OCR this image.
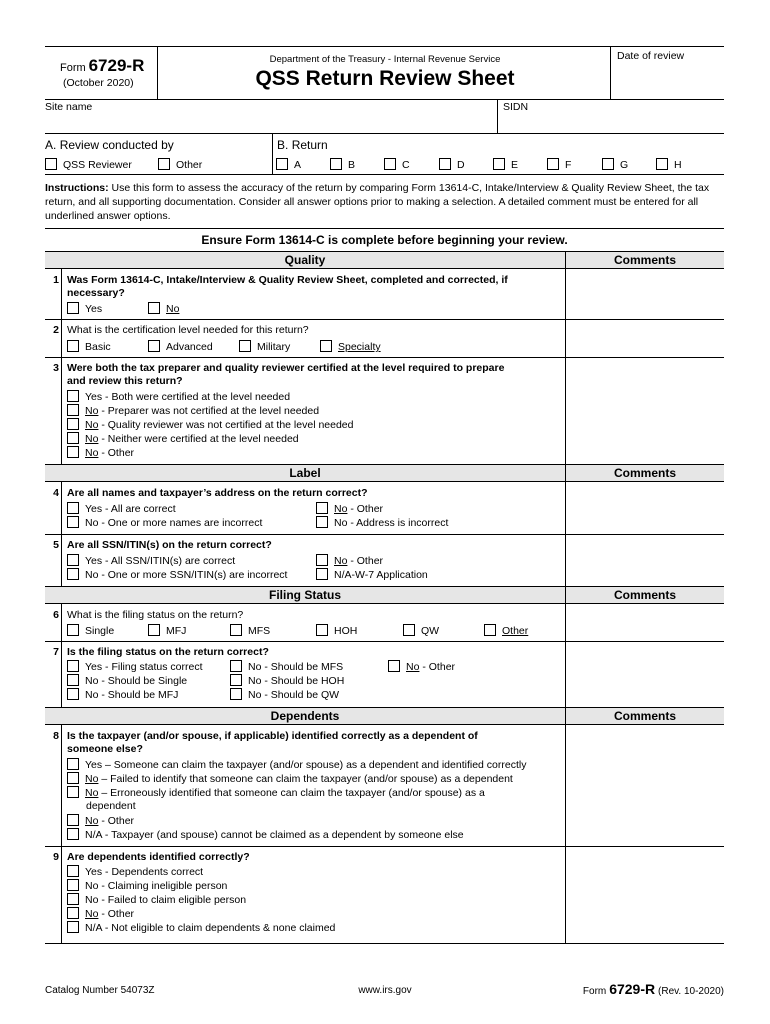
Form 6729-R
(October 2020)
Department of the Treasury - Internal Revenue Service
QSS Return Review Sheet
Date of review
Site name	SIDN
A. Review conducted by
QSS Reviewer	Other
B. Return
A	B	C	D	E	F	G	H
Instructions: Use this form to assess the accuracy of the return by comparing Form 13614-C, Intake/Interview & Quality Review Sheet, the tax return, and all supporting documentation. Consider all answer options prior to making a selection. A detailed comment must be entered for all underlined answer options.
Ensure Form 13614-C is complete before beginning your review.
Quality	Comments
1 Was Form 13614-C, Intake/Interview & Quality Review Sheet, completed and corrected, if
necessary?
Yes	No
2 What is the certification level needed for this return?
Basic	Advanced	Military	Specialty
3 Were both the tax preparer and quality reviewer certified at the level required to prepare
and review this return?
Yes - Both were certified at the level needed
No - Preparer was not certified at the level needed
No - Quality reviewer was not certified at the level needed
No - Neither were certified at the level needed
No - Other
Label	Comments
4 Are all names and taxpayer’s address on the return correct?
Yes - All are correct
No - One or more names are incorrect
No - Other
No - Address is incorrect
5 Are all SSN/ITIN(s) on the return correct?
Yes - All SSN/ITIN(s) are correct
No - One or more SSN/ITIN(s) are incorrect
No - Other
N/A-W-7 Application
Filing Status	Comments
6 What is the filing status on the return?
Single	MFJ	MFS	HOH	QW	Other
7 Is the filing status on the return correct?
Yes - Filing status correct
No - Should be Single
No - Should be MFJ
No - Should be MFS
No - Should be HOH
No - Should be QW
No - Other
Dependents	Comments
8 Is the taxpayer (and/or spouse, if applicable) identified correctly as a dependent of
someone else?
Yes – Someone can claim the taxpayer (and/or spouse) as a dependent and identified correctly
No – Failed to identify that someone can claim the taxpayer (and/or spouse) as a dependent
No – Erroneously identified that someone can claim the taxpayer (and/or spouse) as a
dependent
No - Other
N/A - Taxpayer (and spouse) cannot be claimed as a dependent by someone else
9 Are dependents identified correctly?
Yes - Dependents correct
No - Claiming ineligible person
No - Failed to claim eligible person
No - Other
N/A - Not eligible to claim dependents & none claimed
Catalog Number 54073Z	www.irs.gov	Form 6729-R (Rev. 10-2020)
